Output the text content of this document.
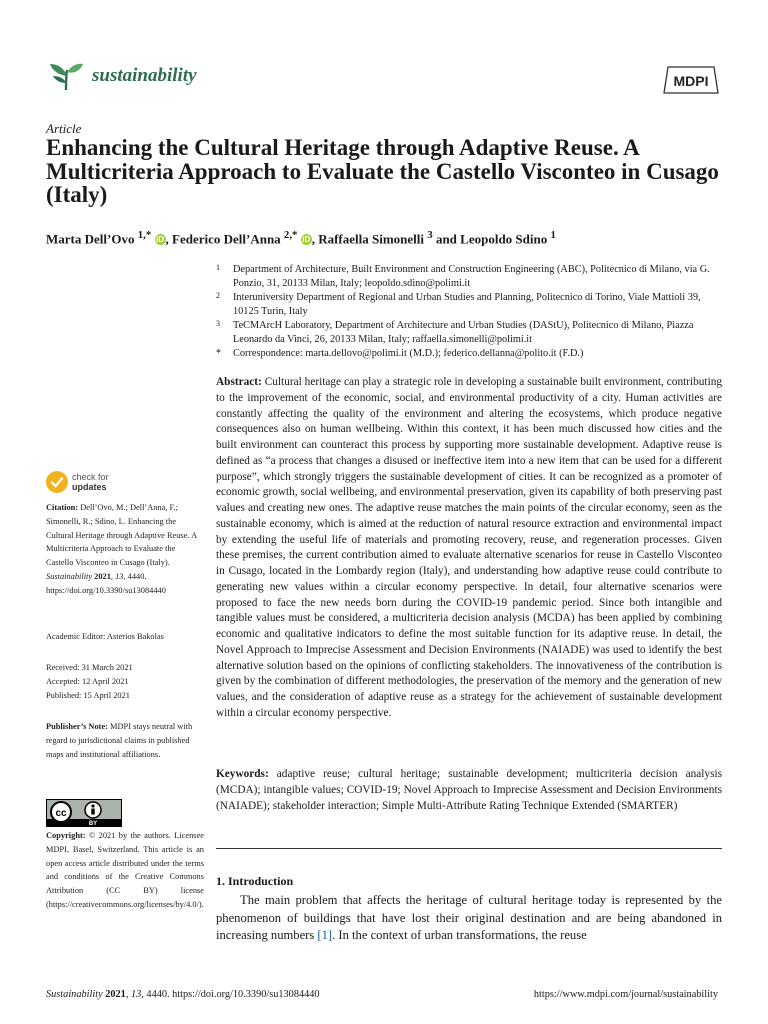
sustainability	MDPI
Article
Enhancing the Cultural Heritage through Adaptive Reuse. A Multicriteria Approach to Evaluate the Castello Visconteo in Cusago (Italy)
Marta Dell’Ovo $^{1,*}$ iD , Federico Dell’Anna $^{2,*}$ iD , Raffaella Simonelli $^3$ and Leopoldo Sdino $^1$
1 Department of Architecture, Built Environment and Construction Engineering (ABC), Politecnico di Milano, via G. Ponzio, 31, 20133 Milan, Italy; leopoldo.sdino@polimi.it
2 Interuniversity Department of Regional and Urban Studies and Planning, Politecnico di Torino, Viale Mattioli 39, 10125 Turin, Italy
3 TeCMArcH Laboratory, Department of Architecture and Urban Studies (DAStU), Politecnico di Milano, Piazza Leonardo da Vinci, 26, 20133 Milan, Italy; raffaella.simonelli@polimi.it
* Correspondence: marta.dellovo@polimi.it (M.D.); federico.dellanna@polito.it (F.D.)

Abstract: Cultural heritage can play a strategic role in developing a sustainable built environment, contributing to the improvement of the economic, social, and environmental productivity of a city. Human activities are constantly affecting the quality of the environment and altering the ecosystems, which produce negative consequences also on human wellbeing. Within this context, it has been much discussed how cities and the built environment can counteract this process by supporting more sustainable development. Adaptive reuse is defined as “a process that changes a disused or ineffective item into a new item that can be used for a different purpose”, which strongly triggers the sustainable development of cities. It can be recognized as a promoter of economic growth, social wellbeing, and environmental preservation, given its capability of both preserving past values and creating new ones. The adaptive reuse matches the main points of the circular economy, seen as the sustainable economy, which is aimed at the reduction of natural resource extraction and environmental impact by extending the useful life of materials and promoting recovery, reuse, and regeneration processes. Given these premises, the current contribution aimed to evaluate alternative scenarios for reuse in Castello Visconteo in Cusago, located in the Lombardy region (Italy), and understanding how adaptive reuse could contribute to generating new values within a circular economy perspective. In detail, four alternative scenarios were proposed to face the new needs born during the COVID-19 pandemic period. Since both intangible and tangible values must be considered, a multicriteria decision analysis (MCDA) has been applied by combining economic and qualitative indicators to define the most suitable function for its adaptive reuse. In detail, the Novel Approach to Imprecise Assessment and Decision Environments (NAIADE) was used to identify the best alternative solution based on the opinions of conflicting stakeholders. The innovativeness of the contribution is given by the combination of different methodologies, the preservation of the memory and the generation of new values, and the consideration of adaptive reuse as a strategy for the achievement of sustainable development within a circular economy perspective.

Keywords: adaptive reuse; cultural heritage; sustainable development; multicriteria decision analysis (MCDA); intangible values; COVID-19; Novel Approach to Imprecise Assessment and Decision Environments (NAIADE); stakeholder interaction; Simple Multi-Attribute Rating Technique Extended (SMARTER)

1. Introduction

The main problem that affects the heritage of cultural heritage today is represented by the phenomenon of buildings that have lost their original destination and are being abandoned in increasing numbers [1]. In the context of urban transformations, the reuse

check for
updates
Citation: Dell’Ovo, M.; Dell’Anna, F.; Simonelli, R.; Sdino, L. Enhancing the Cultural Heritage through Adaptive Reuse. A Multicriteria Approach to Evaluate the Castello Visconteo in Cusago (Italy). Sustainability 2021, 13, 4440. https://doi.org/10.3390/su13084440
Academic Editor: Asterios Bakolas
Received: 31 March 2021
Accepted: 12 April 2021
Published: 15 April 2021
Publisher’s Note: MDPI stays neutral with regard to jurisdictional claims in published maps and institutional affiliations.
cc
BY
Copyright: © 2021 by the authors. Licensee MDPI, Basel, Switzerland. This article is an open access article distributed under the terms and conditions of the Creative Commons Attribution (CC BY) license (https://creativecommons.org/licenses/by/4.0/).
Sustainability 2021, 13, 4440. https://doi.org/10.3390/su13084440	https://www.mdpi.com/journal/sustainability
